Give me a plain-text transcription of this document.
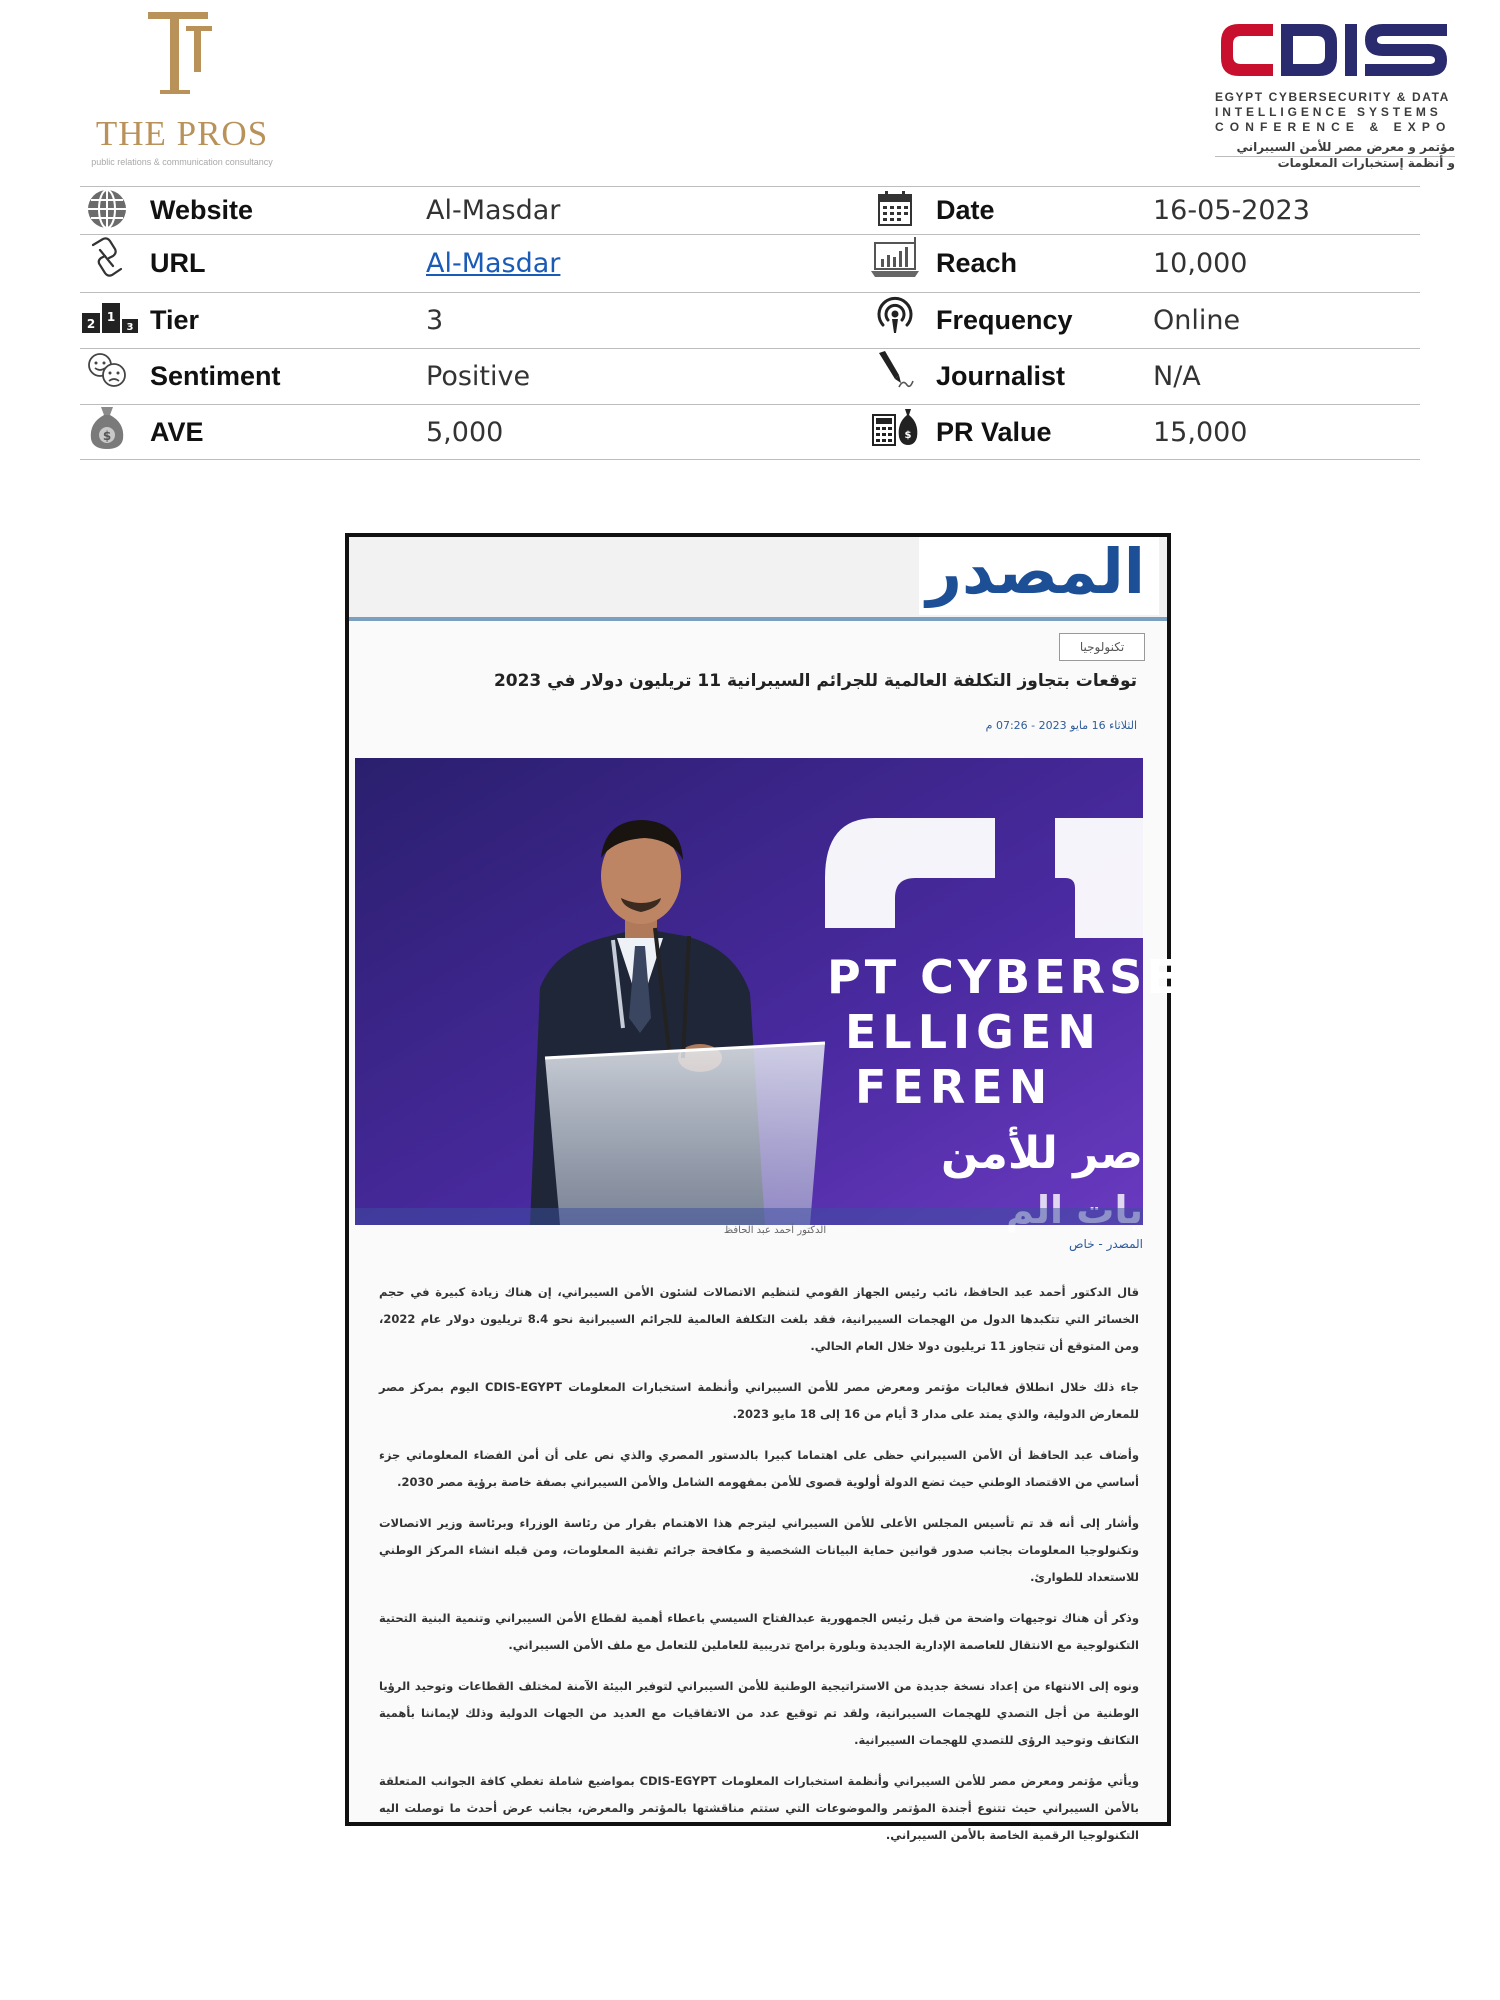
THE PROS
public relations & communication consultancy
EGYPT CYBERSECURITY & DATA
INTELLIGENCE SYSTEMS
CONFERENCE & EXPO
مؤتمر و معرض مصر للأمن السيبراني
و أنظمة إستخبارات المعلومات
Website	Al-Masdar	Date	16-05-2023
URL	Al-Masdar	Reach	10,000
2 1
3 Tier	3	Frequency	Online
Sentiment	Positive	Journalist	N/A
$ AVE	5,000	$ PR Value	15,000
المصدر
تكنولوجيا
توقعات بتجاوز التكلفة العالمية للجرائم السيبرانية 11 تريليون دولار في 2023
الثلاثاء 16 مايو 2023 - 07:26 م
PT CYBERSE
ELLIGEN
FEREN
صر للأمن
الدكتور أحمد عبد الحافظ
المصدر - خاص

قال الدكتور أحمد عبد الحافظ، نائب رئيس الجهاز القومي لتنظيم الاتصالات لشئون الأمن السيبراني، إن هناك زيادة كبيرة في حجم الخسائر التي تتكبدها الدول من الهجمات السيبرانية، فقد بلغت التكلفة العالمية للجرائم السيبرانية نحو 8.4 تريليون دولار عام 2022، ومن المتوقع أن تتجاوز 11 تريليون دولا خلال العام الحالي.

جاء ذلك خلال انطلاق فعاليات مؤتمر ومعرض مصر للأمن السيبراني وأنظمة استخبارات المعلومات CDIS-EGYPT اليوم بمركز مصر للمعارض الدولية، والذي يمتد على مدار 3 أيام من 16 إلى 18 مايو 2023.

وأضاف عبد الحافظ أن الأمن السيبراني حظى على اهتماما كبيرا بالدستور المصري والذي نص على أن أمن الفضاء المعلوماتي جزء أساسي من الاقتصاد الوطني حيث تضع الدولة أولوية قصوى للأمن بمفهومه الشامل والأمن السيبراني بصفة خاصة برؤية مصر 2030.

وأشار إلى أنه قد تم تأسيس المجلس الأعلى للأمن السيبراني ليترجم هذا الاهتمام بقرار من رئاسة الوزراء وبرئاسة وزير الاتصالات وتكنولوجيا المعلومات بجانب صدور قوانين حماية البيانات الشخصية و مكافحة جرائم تقنية المعلومات، ومن قبله انشاء المركز الوطني للاستعداد للطوارئ.

وذكر أن هناك توجيهات واضحة من قبل رئيس الجمهورية عبدالفتاح السيسي باعطاء أهمية لقطاع الأمن السيبراني وتنمية البنية التحتية التكنولوجية مع الانتقال للعاصمة الإدارية الجديدة وبلورة برامج تدريبية للعاملين للتعامل مع ملف الأمن السيبراني.

ونوه إلى الانتهاء من إعداد نسخة جديدة من الاستراتيجية الوطنية للأمن السيبراني لتوفير البيئة الآمنة لمختلف القطاعات وتوحيد الرؤيا الوطنية من أجل التصدي للهجمات السيبرانية، ولقد تم توقيع عدد من الاتفاقيات مع العديد من الجهات الدولية وذلك لإيماننا بأهمية التكاتف وتوحيد الرؤى للتصدي للهجمات السيبرانية.

ويأتي مؤتمر ومعرض مصر للأمن السيبراني وأنظمة استخبارات المعلومات CDIS-EGYPT بمواضيع شاملة تغطي كافة الجوانب المتعلقة بالأمن السيبراني حيث تتنوع أجندة المؤتمر والموضوعات التي ستتم مناقشتها بالمؤتمر والمعرض، بجانب عرض أحدث ما توصلت اليه التكنولوجيا الرقمية الخاصة بالأمن السيبراني.
